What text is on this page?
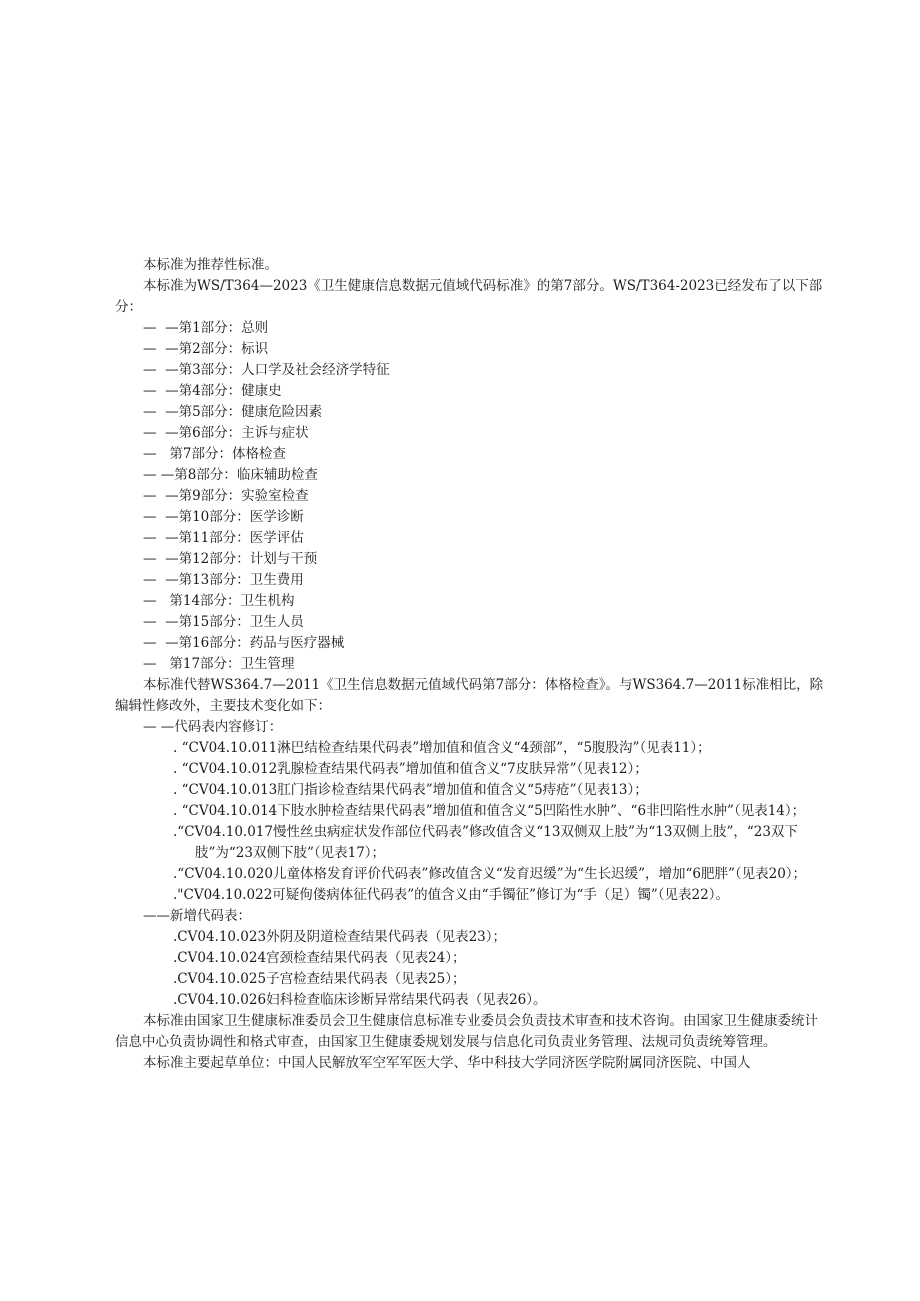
本标准为推荐性标准。

本标准为WS/T364—2023《卫生健康信息数据元值域代码标准》的第7部分。WS/T364-2023已经发布了以下部分：

—  —第1部分：总则

—  —第2部分：标识

—  —第3部分：人口学及社会经济学特征

—  —第4部分：健康史

—  —第5部分：健康危险因素

—  —第6部分：主诉与症状

—   第7部分：体格检查

— —第8部分：临床辅助检查

—  —第9部分：实验室检查

—  —第10部分：医学诊断

—  —第11部分：医学评估

—  —第12部分：计划与干预

—  —第13部分：卫生费用

—   第14部分：卫生机构

—  —第15部分：卫生人员

—  —第16部分：药品与医疗器械

—   第17部分：卫生管理

本标准代替WS364.7—2011《卫生信息数据元值域代码第7部分：体格检查》。与WS364.7—2011标准相比，除编辑性修改外，主要技术变化如下：

— —代码表内容修订：

. “CV04.10.011淋巴结检查结果代码表”增加值和值含义“4颈部”，“5腹股沟”（见表11）；

. “CV04.10.012乳腺检查结果代码表”增加值和值含义“7皮肤异常”（见表12）；

. “CV04.10.013肛门指诊检查结果代码表”增加值和值含义“5痔疮”（见表13）；

. “CV04.10.014下肢水肿检查结果代码表”增加值和值含义“5凹陷性水肿”、“6非凹陷性水肿”（见表14）；

.“CV04.10.017慢性丝虫病症状发作部位代码表”修改值含义“13双侧双上肢”为“13双侧上肢”，“23双下肢”为“23双侧下肢”（见表17）；

.“CV04.10.020儿童体格发育评价代码表”修改值含义“发育迟缓”为“生长迟缓”，增加“6肥胖”（见表20）；

."CV04.10.022可疑佝偻病体征代码表”的值含义由“手镯征”修订为“手（足）镯”（见表22）。

——新增代码表：

.CV04.10.023外阴及阴道检查结果代码表（见表23）；

.CV04.10.024宫颈检查结果代码表（见表24）；

.CV04.10.025子宫检查结果代码表（见表25）；

.CV04.10.026妇科检查临床诊断异常结果代码表（见表26）。

本标准由国家卫生健康标准委员会卫生健康信息标准专业委员会负责技术审查和技术咨询。由国家卫生健康委统计信息中心负责协调性和格式审查，由国家卫生健康委规划发展与信息化司负责业务管理、法规司负责统筹管理。

本标准主要起草单位：中国人民解放军空军军医大学、华中科技大学同济医学院附属同济医院、中国人
